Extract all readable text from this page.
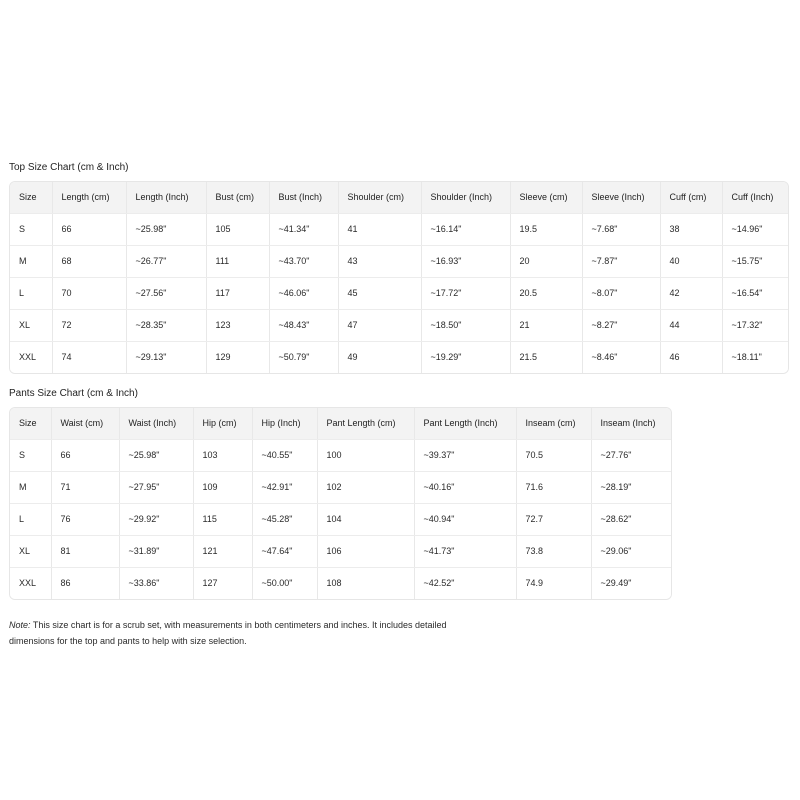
Top Size Chart (cm & Inch)
Size	Length (cm)	Length (Inch)	Bust (cm)	Bust (Inch)	Shoulder (cm)	Shoulder (Inch)	Sleeve (cm)	Sleeve (Inch)	Cuff (cm)	Cuff (Inch)
S	66	~25.98"	105	~41.34"	41	~16.14"	19.5	~7.68"	38	~14.96"
M	68	~26.77"	111	~43.70"	43	~16.93"	20	~7.87"	40	~15.75"
L	70	~27.56"	117	~46.06"	45	~17.72"	20.5	~8.07"	42	~16.54"
XL	72	~28.35"	123	~48.43"	47	~18.50"	21	~8.27"	44	~17.32"
XXL	74	~29.13"	129	~50.79"	49	~19.29"	21.5	~8.46"	46	~18.11"
Pants Size Chart (cm & Inch)
Size	Waist (cm)	Waist (Inch)	Hip (cm)	Hip (Inch)	Pant Length (cm)	Pant Length (Inch)	Inseam (cm)	Inseam (Inch)
S	66	~25.98"	103	~40.55"	100	~39.37"	70.5	~27.76"
M	71	~27.95"	109	~42.91"	102	~40.16"	71.6	~28.19"
L	76	~29.92"	115	~45.28"	104	~40.94"	72.7	~28.62"
XL	81	~31.89"	121	~47.64"	106	~41.73"	73.8	~29.06"
XXL	86	~33.86"	127	~50.00"	108	~42.52"	74.9	~29.49"

Note: This size chart is for a scrub set, with measurements in both centimeters and inches. It includes detailed dimensions for the top and pants to help with size selection.
